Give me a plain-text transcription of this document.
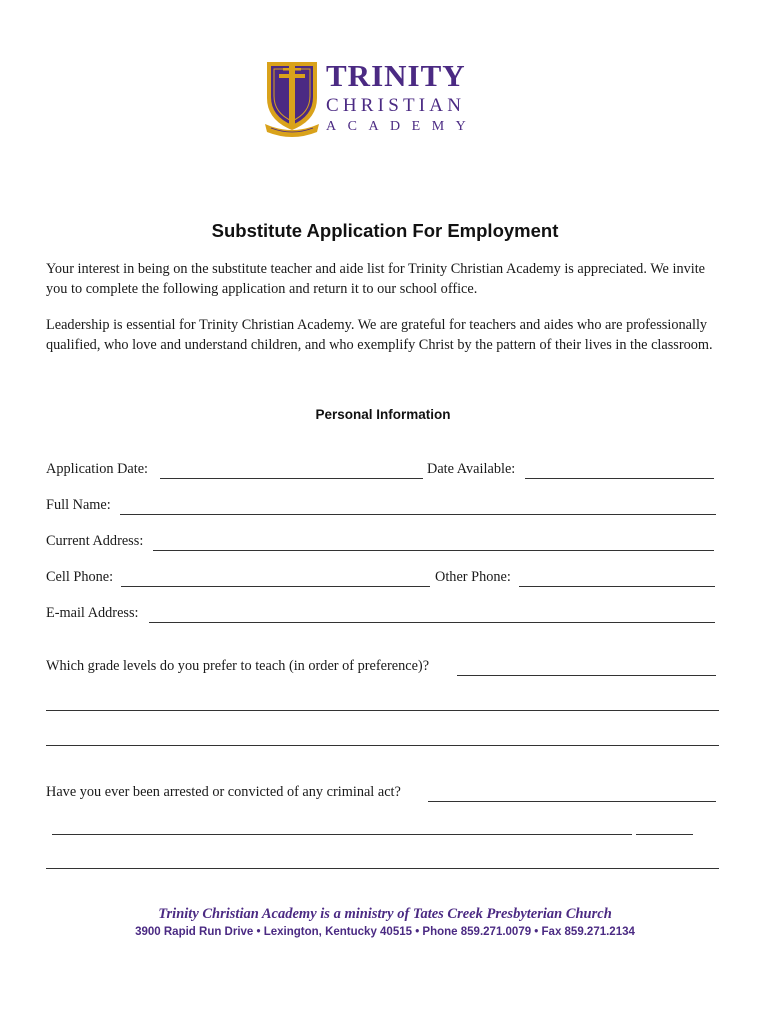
TRINITY
CHRISTIAN
ACADEMY
Substitute Application For Employment
Your interest in being on the substitute teacher and aide list for Trinity Christian Academy is appreciated. We invite you to complete the following application and return it to our school office.
Leadership is essential for Trinity Christian Academy. We are grateful for teachers and aides who are professionally qualified, who love and understand children, and who exemplify Christ by the pattern of their lives in the classroom.
Personal Information
Application Date:	Date Available:
Full Name:
Current Address:
Cell Phone:	Other Phone:
E-mail Address:
Which grade levels do you prefer to teach (in order of preference)?
Have you ever been arrested or convicted of any criminal act?
Trinity Christian Academy is a ministry of Tates Creek Presbyterian Church
3900 Rapid Run Drive • Lexington, Kentucky 40515 • Phone 859.271.0079 • Fax 859.271.2134
